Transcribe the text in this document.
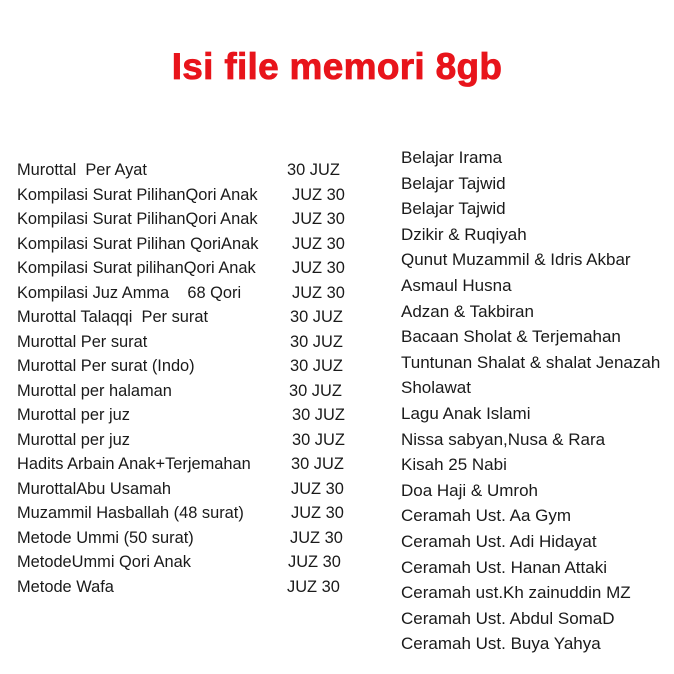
Isi file memori 8gb
Murottal  Per Ayat	30 JUZ
Kompilasi Surat PilihanQori Anak JUZ 30
Kompilasi Surat PilihanQori Anak JUZ 30
Kompilasi Surat Pilihan QoriAnak JUZ 30
Kompilasi Surat pilihanQori Anak JUZ 30
Kompilasi Juz Amma    68 Qori	JUZ 30
Murottal Talaqqi  Per surat	30 JUZ
Murottal Per surat	30 JUZ
Murottal Per surat (Indo)	30 JUZ
Murottal per halaman	30 JUZ
Murottal per juz	30 JUZ
Murottal per juz	30 JUZ
Hadits Arbain Anak+Terjemahan 30 JUZ
MurottalAbu Usamah	JUZ 30
Muzammil Hasballah (48 surat)	JUZ 30
Metode Ummi (50 surat)	JUZ 30
MetodeUmmi Qori Anak	JUZ 30
Metode Wafa	JUZ 30
Belajar Irama
Belajar Tajwid
Belajar Tajwid
Dzikir & Ruqiyah
Qunut Muzammil & Idris Akbar
Asmaul Husna
Adzan & Takbiran
Bacaan Sholat & Terjemahan
Tuntunan Shalat & shalat Jenazah
Sholawat
Lagu Anak Islami
Nissa sabyan,Nusa & Rara
Kisah 25 Nabi
Doa Haji & Umroh
Ceramah Ust. Aa Gym
Ceramah Ust. Adi Hidayat
Ceramah Ust. Hanan Attaki
Ceramah ust.Kh zainuddin MZ
Ceramah Ust. Abdul SomaD
Ceramah Ust. Buya Yahya
